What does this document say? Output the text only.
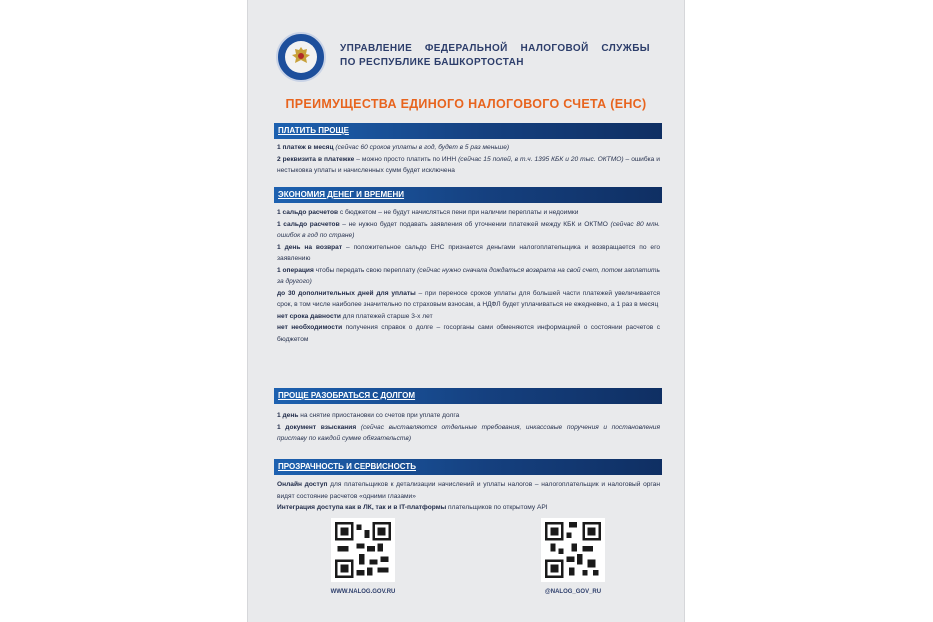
УПРАВЛЕНИЕ ФЕДЕРАЛЬНОЙ НАЛОГОВОЙ СЛУЖБЫ
ПО РЕСПУБЛИКЕ БАШКОРТОСТАН
ПРЕИМУЩЕСТВА ЕДИНОГО НАЛОГОВОГО СЧЕТА (ЕНС)
ПЛАТИТЬ ПРОЩЕ

1 платеж в месяц (сейчас 60 сроков уплаты в год, будет в 5 раз меньше)

2 реквизита в платежке – можно просто платить по ИНН (сейчас 15 полей, в т.ч. 1395 КБК и 20 тыс. ОКТМО) – ошибка и нестыковка уплаты и начисленных сумм будет исключена

ЭКОНОМИЯ ДЕНЕГ И ВРЕМЕНИ

1 сальдо расчетов с бюджетом – не будут начисляться пени при наличии переплаты и недоимки

1 сальдо расчетов – не нужно будет подавать заявления об уточнении платежей между КБК и ОКТМО (сейчас 80 млн. ошибок в год по стране)

1 день на возврат – положительное сальдо ЕНС признается деньгами налогоплательщика и возвращается по его заявлению

1 операция чтобы передать свою переплату (сейчас нужно сначала дождаться возврата на свой счет, потом заплатить за другого)

до 30 дополнительных дней для уплаты – при переносе сроков уплаты для большей части платежей увеличивается срок, в том числе наиболее значительно по страховым взносам, а НДФЛ будет уплачиваться не ежедневно, а 1 раз в месяц

нет срока давности для платежей старше 3-х лет

нет необходимости получения справок о долге – госорганы сами обменяются информацией о состоянии расчетов с бюджетом

ПРОЩЕ РАЗОБРАТЬСЯ С ДОЛГОМ

1 день на снятие приостановки со счетов при уплате долга

1 документ взыскания (сейчас выставляются отдельные требования, инкассовые поручения и постановления приставу по каждой сумме обязательств)

ПРОЗРАЧНОСТЬ И СЕРВИСНОСТЬ

Онлайн доступ для плательщиков к детализации начислений и уплаты налогов – налогоплательщик и налоговый орган видят состояние расчетов «одними глазами»

Интеграция доступа как в ЛК, так и в IT-платформы плательщиков по открытому API

WWW.NALOG.GOV.RU	@NALOG_GOV_RU
